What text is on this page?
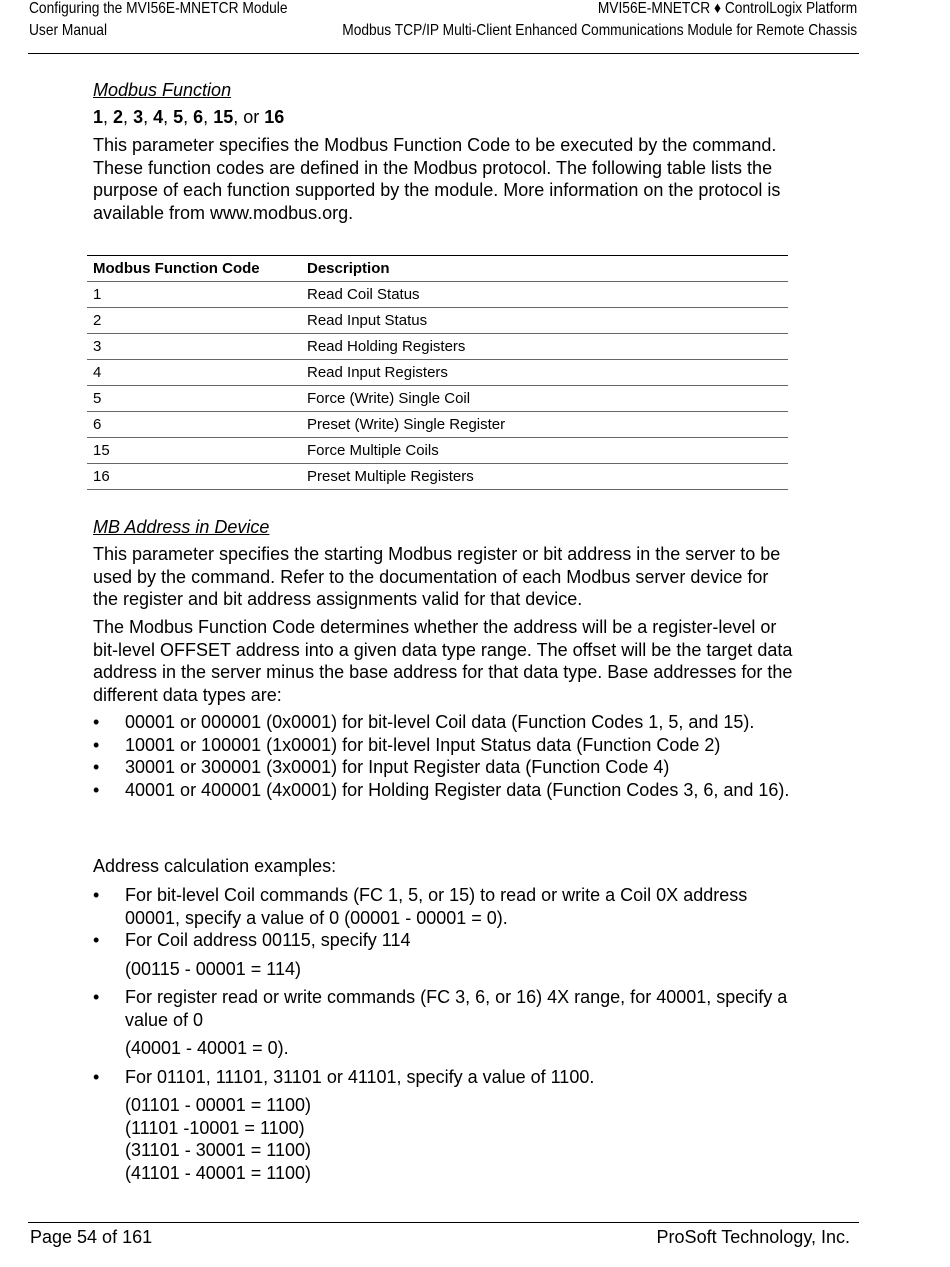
Configuring the MVI56E-MNETCR Module	MVI56E-MNETCR ♦ ControlLogix Platform
User Manual	Modbus TCP/IP Multi-Client Enhanced Communications Module for Remote Chassis
Modbus Function
1, 2, 3, 4, 5, 6, 15, or 16

This parameter specifies the Modbus Function Code to be executed by the command. These function codes are defined in the Modbus protocol. The following table lists the purpose of each function supported by the module. More information on the protocol is available from www.modbus.org.

Modbus Function Code	Description
1	Read Coil Status
2	Read Input Status
3	Read Holding Registers
4	Read Input Registers
5	Force (Write) Single Coil
6	Preset (Write) Single Register
15	Force Multiple Coils
16	Preset Multiple Registers
MB Address in Device

This parameter specifies the starting Modbus register or bit address in the server to be used by the command. Refer to the documentation of each Modbus server device for the register and bit address assignments valid for that device.

The Modbus Function Code determines whether the address will be a register-level or bit-level OFFSET address into a given data type range. The offset will be the target data address in the server minus the base address for that data type. Base addresses for the different data types are:

• 00001 or 000001 (0x0001) for bit-level Coil data (Function Codes 1, 5, and 15).
• 10001 or 100001 (1x0001) for bit-level Input Status data (Function Code 2)
• 30001 or 300001 (3x0001) for Input Register data (Function Code 4)
• 40001 or 400001 (4x0001) for Holding Register data (Function Codes 3, 6, and 16).

Address calculation examples:

• For bit-level Coil commands (FC 1, 5, or 15) to read or write a Coil 0X address 00001, specify a value of 0 (00001 - 00001 = 0).
• For Coil address 00115, specify 114
(00115 - 00001 = 114)
• For register read or write commands (FC 3, 6, or 16) 4X range, for 40001, specify a value of 0
(40001 - 40001 = 0).
• For 01101, 11101, 31101 or 41101, specify a value of 1100.
(01101 - 00001 = 1100)
(11101 -10001 = 1100)
(31101 - 30001 = 1100)
(41101 - 40001 = 1100)
Page 54 of 161	ProSoft Technology, Inc.
